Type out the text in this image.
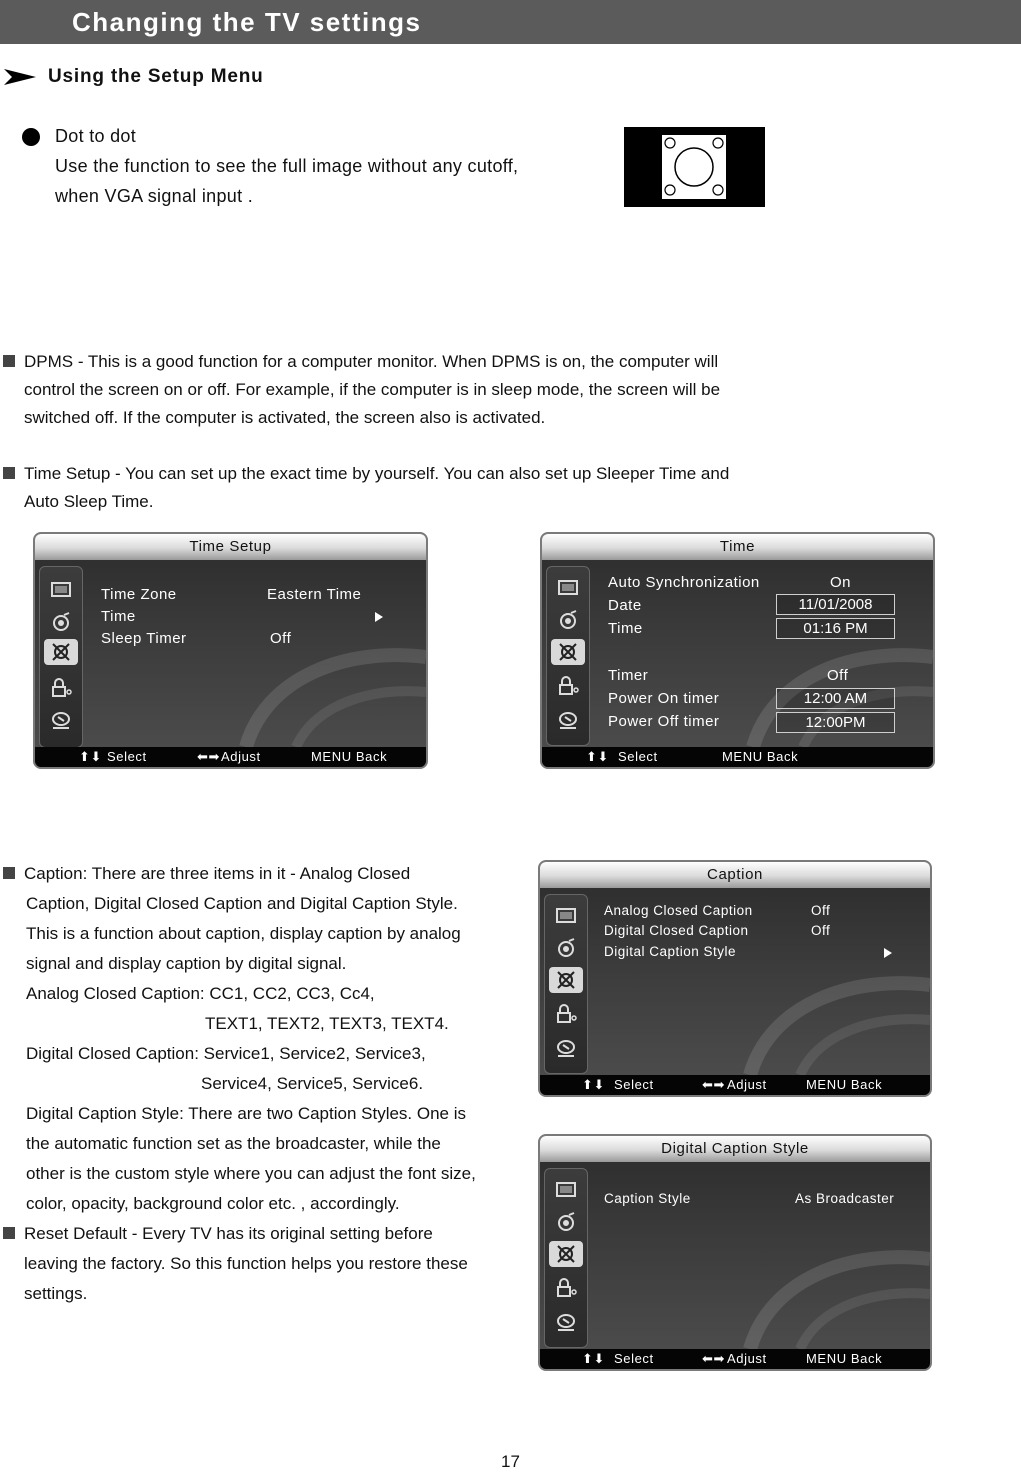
Changing the TV settings
Using the Setup Menu
Dot to dot
Use the function to see the full image without any cutoff,
when VGA signal input .
DPMS - This is a good function for a computer monitor. When DPMS is on, the computer will
control the screen on or off. For example, if the computer is in sleep mode, the screen will be
switched off. If the computer is activated, the screen also is activated.
Time Setup - You can set up the exact time by yourself. You can also set up Sleeper Time and
Auto Sleep Time.
Time Setup
Time Zone	Eastern Time
Time
Sleep Timer	Off
⬆⬇ Select	⬅➡ Adjust	MENU Back
Time
Auto Synchronization	On
Date	11/01/2008
Time	01:16 PM
Timer	Off
Power On timer	12:00 AM
Power Off timer	12:00PM
⬆⬇ Select	MENU Back
Caption: There are three items in it - Analog Closed
Caption, Digital Closed Caption and Digital Caption Style.
This is a function about caption, display caption by analog
signal and display caption by digital signal.
Analog Closed Caption: CC1, CC2, CC3, Cc4,
TEXT1, TEXT2, TEXT3, TEXT4.
Digital Closed Caption: Service1, Service2, Service3,
Service4, Service5, Service6.
Digital Caption Style: There are two Caption Styles. One is
the automatic function set as the broadcaster, while the
other is the custom style where you can adjust the font size,
color, opacity, background color etc. , accordingly.
Reset Default - Every TV has its original setting before
leaving the factory. So this function helps you restore these
settings.
Caption
Analog Closed Caption	Off
Digital Closed Caption	Off
Digital Caption Style
⬆⬇ Select	⬅➡ Adjust	MENU Back
Digital Caption Style
Caption Style	As Broadcaster
⬆⬇ Select	⬅➡ Adjust	MENU Back
17
